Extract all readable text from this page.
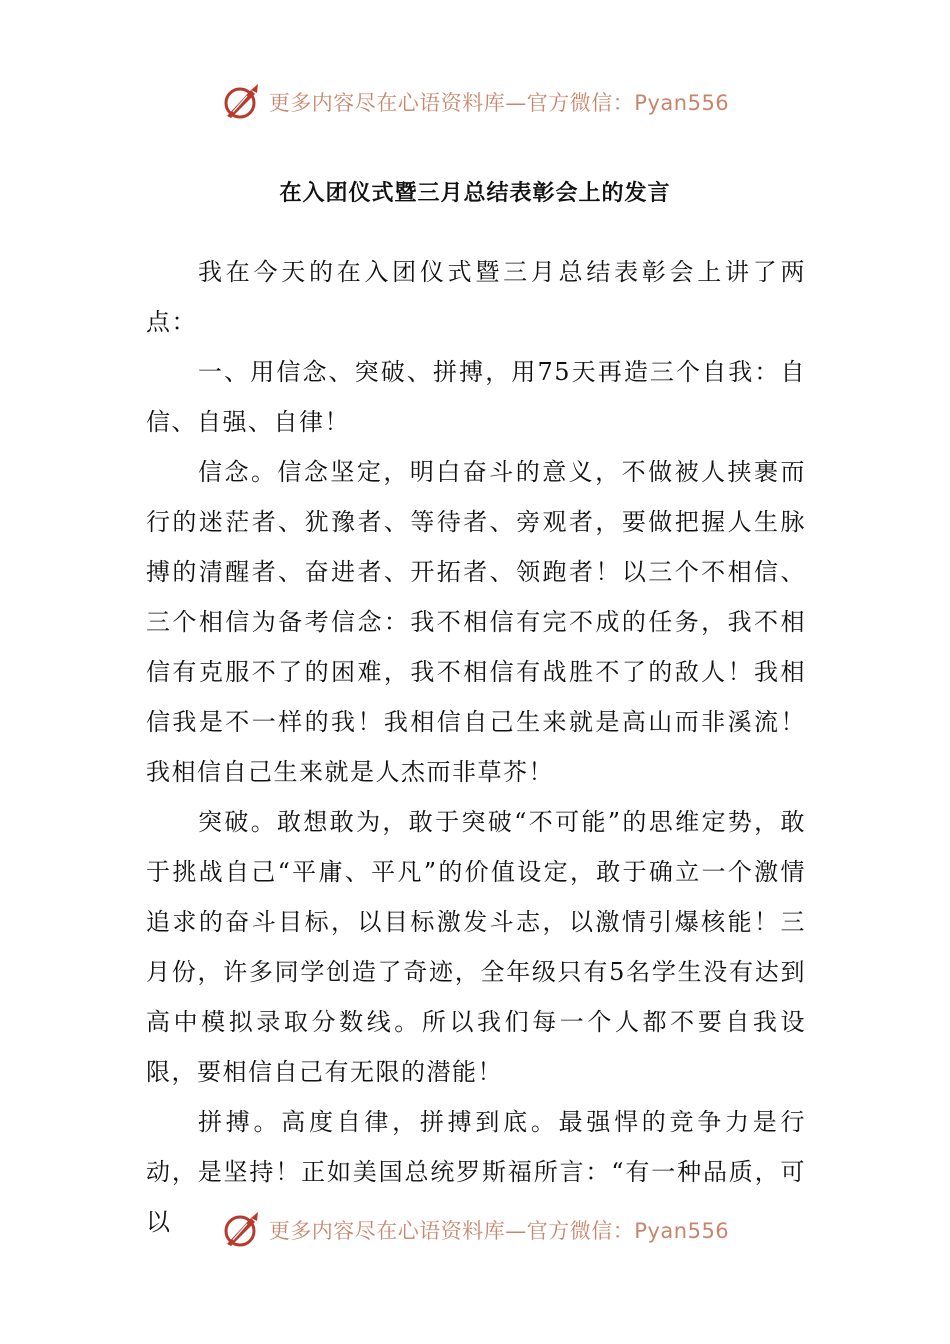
更多内容尽在心语资料库—官方微信：Pyan556
在入团仪式暨三月总结表彰会上的发言

我在今天的在入团仪式暨三月总结表彰会上讲了两点：

一、用信念、突破、拼搏，用75天再造三个自我：自信、自强、自律！

信念。信念坚定，明白奋斗的意义，不做被人挟裹而行的迷茫者、犹豫者、等待者、旁观者，要做把握人生脉搏的清醒者、奋进者、开拓者、领跑者！以三个不相信、三个相信为备考信念：我不相信有完不成的任务，我不相信有克服不了的困难，我不相信有战胜不了的敌人！我相信我是不一样的我！我相信自己生来就是高山而非溪流！我相信自己生来就是人杰而非草芥！

突破。敢想敢为，敢于突破“不可能”的思维定势，敢于挑战自己“平庸、平凡”的价值设定，敢于确立一个激情追求的奋斗目标，以目标激发斗志，以激情引爆核能！三月份，许多同学创造了奇迹，全年级只有5名学生没有达到高中模拟录取分数线。所以我们每一个人都不要自我设限，要相信自己有无限的潜能！

拼搏。高度自律，拼搏到底。最强悍的竞争力是行动，是坚持！正如美国总统罗斯福所言：“有一种品质，可以	更多内容尽在心语资料库—官方微信：Pyan556
